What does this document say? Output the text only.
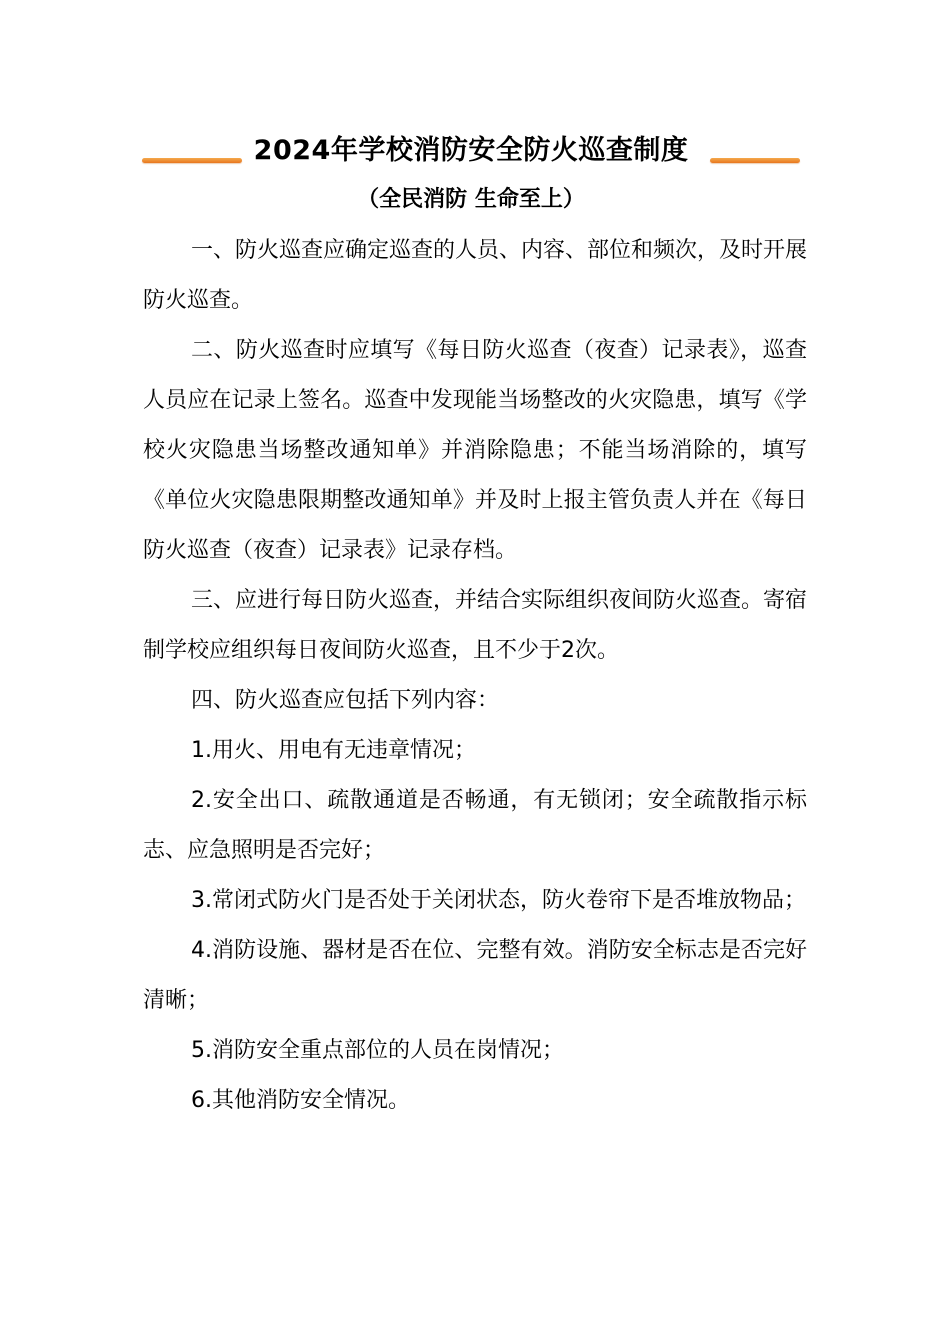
2024年学校消防安全防火巡查制度
（全民消防 生命至上）

一、防火巡查应确定巡查的人员、内容、部位和频次，及时开展防火巡查。

二、防火巡查时应填写《每日防火巡查（夜查）记录表》，巡查人员应在记录上签名。巡查中发现能当场整改的火灾隐患，填写《学校火灾隐患当场整改通知单》并消除隐患；不能当场消除的，填写《单位火灾隐患限期整改通知单》并及时上报主管负责人并在《每日防火巡查（夜查）记录表》记录存档。

三、应进行每日防火巡查，并结合实际组织夜间防火巡查。寄宿制学校应组织每日夜间防火巡查，且不少于2次。

四、防火巡查应包括下列内容：

1.用火、用电有无违章情况；

2.安全出口、疏散通道是否畅通，有无锁闭；安全疏散指示标志、应急照明是否完好；

3.常闭式防火门是否处于关闭状态，防火卷帘下是否堆放物品；

4.消防设施、器材是否在位、完整有效。消防安全标志是否完好清晰；

5.消防安全重点部位的人员在岗情况；

6.其他消防安全情况。
